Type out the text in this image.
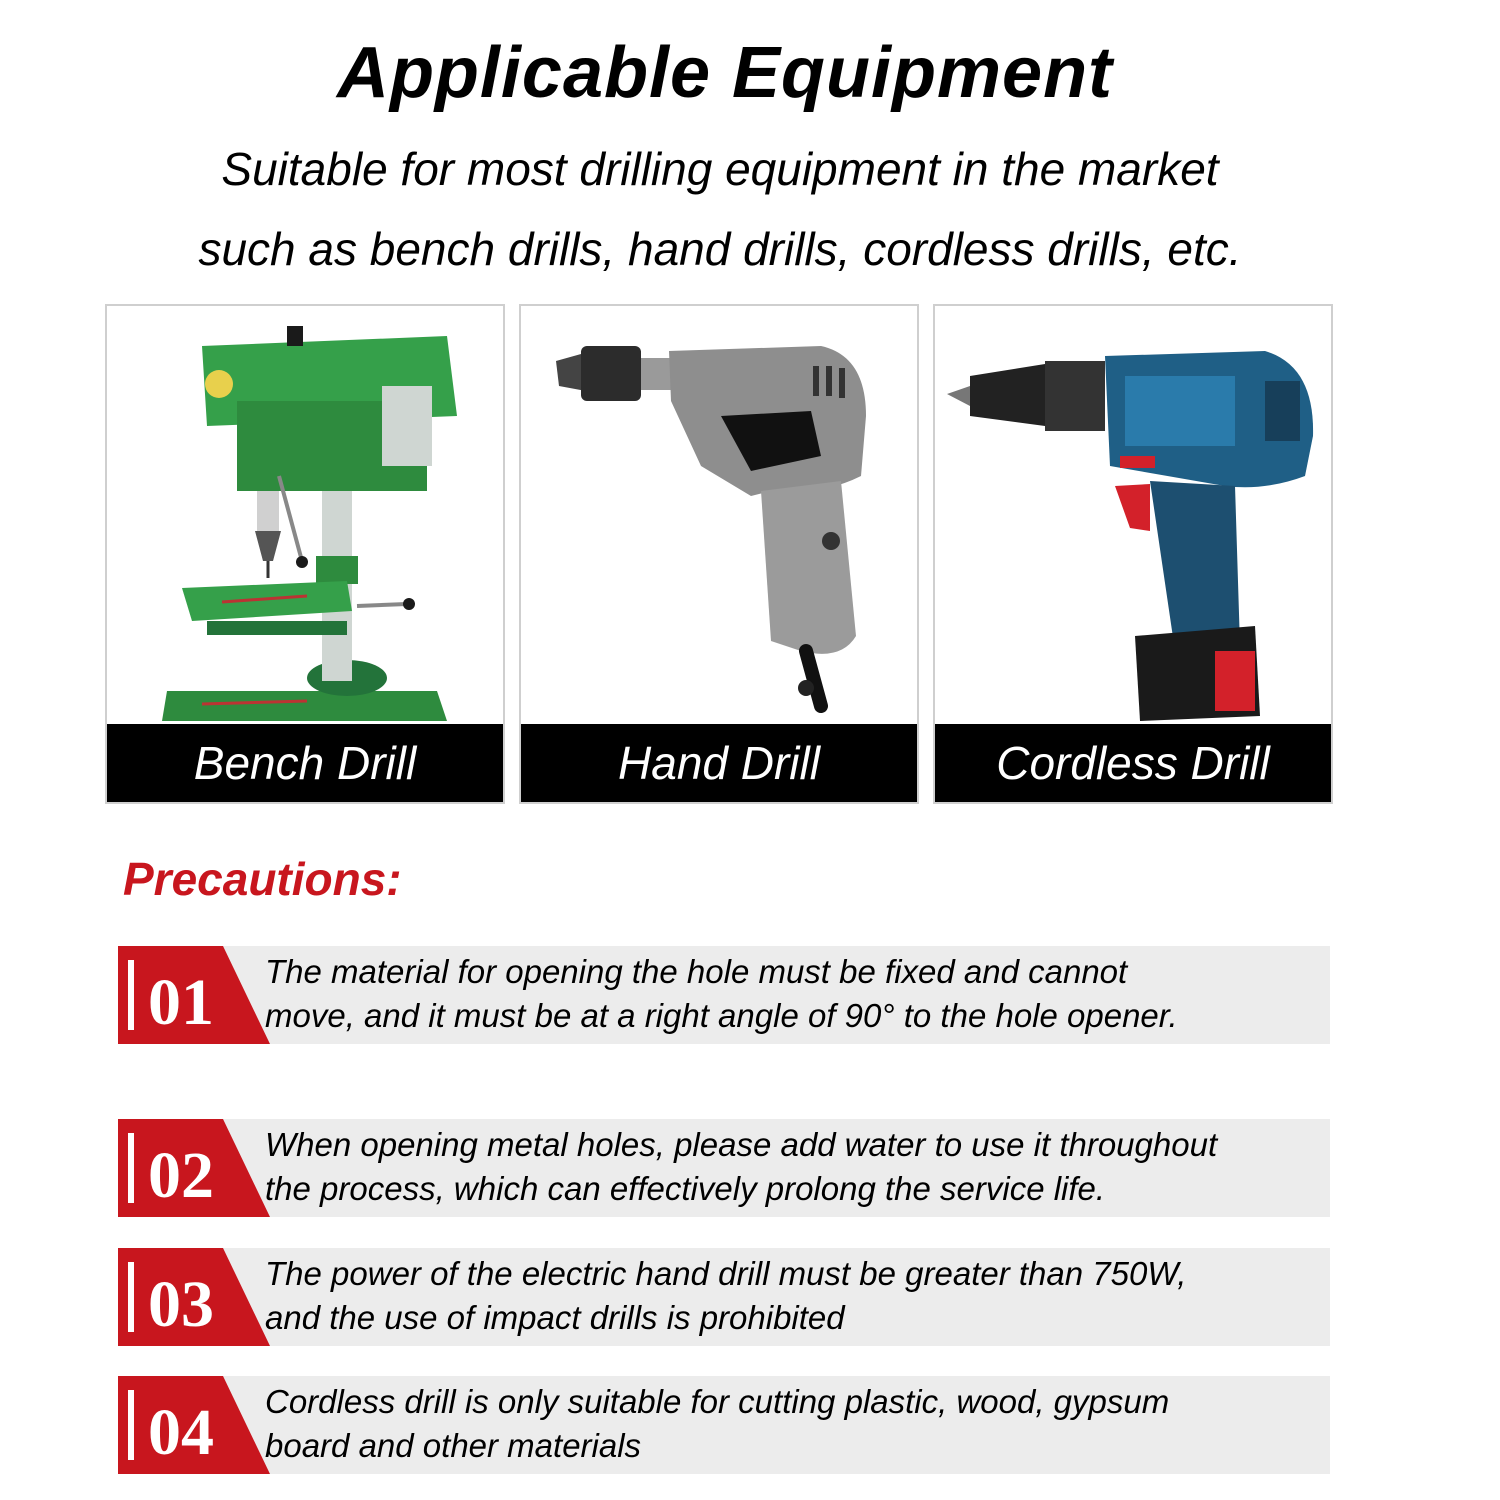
Applicable Equipment
Suitable for most drilling equipment in the market
such as bench drills, hand drills, cordless drills, etc.
Bench Drill	Hand Drill	Cordless Drill
Precautions:
01 The material for opening the hole must be fixed and cannot
move, and it must be at a right angle of 90° to the hole opener.
02 When opening metal holes, please add water to use it throughout
the process, which can effectively prolong the service life.
03 The power of the electric hand drill must be greater than 750W,
and the use of impact drills is prohibited
04 Cordless drill is only suitable for cutting plastic, wood, gypsum
board and other materials
